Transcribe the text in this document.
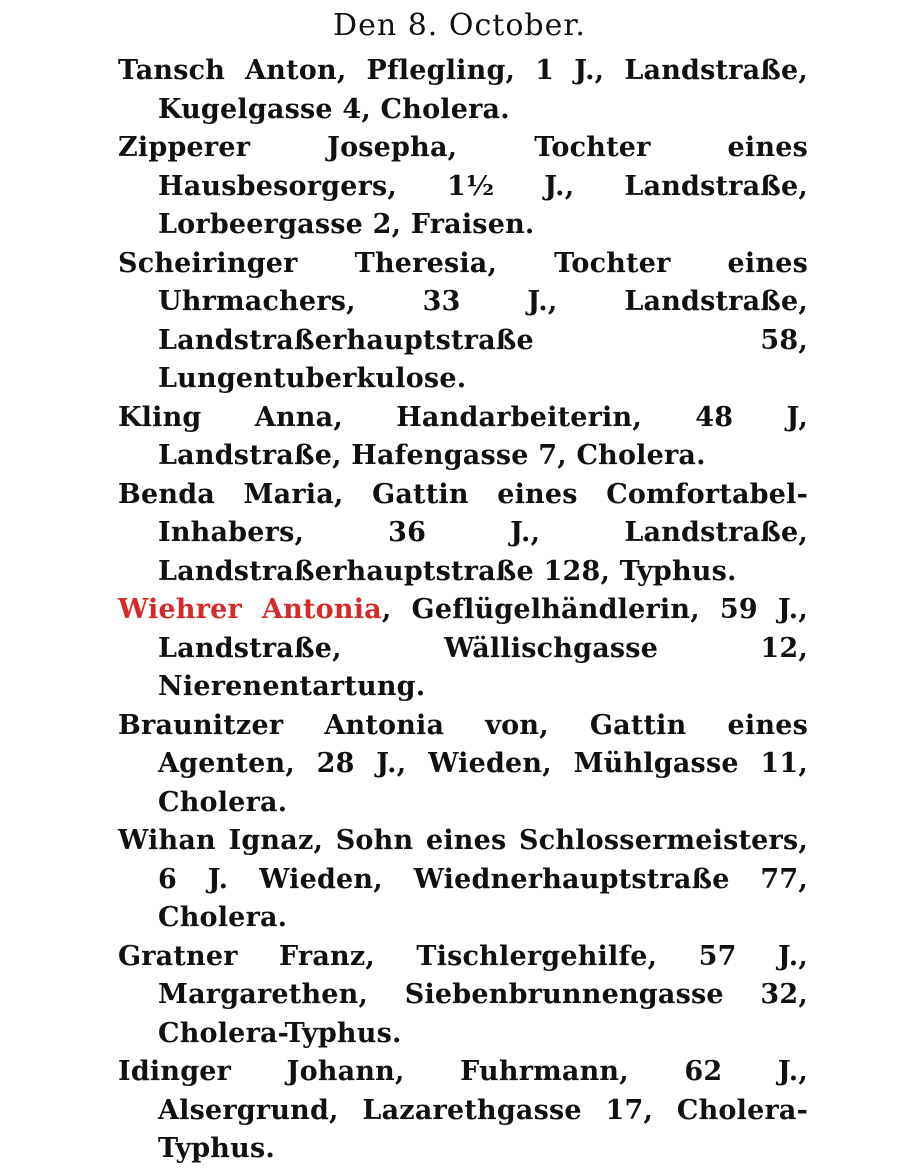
Den 8. October.

Tansch Anton, Pflegling, 1 J., Landstraße, Kugelgasse 4, Cholera.

Zipperer Josepha, Tochter eines Hausbesorgers, 1½ J., Landstraße, Lorbeergasse 2, Fraisen.

Scheiringer Theresia, Tochter eines Uhrmachers, 33 J., Landstraße, Landstraßerhauptstraße 58, Lungentuberkulose.

Kling Anna, Handarbeiterin, 48 J, Landstraße, Hafengasse 7, Cholera.

Benda Maria, Gattin eines Comfortabel-Inhabers, 36 J., Landstraße, Landstraßerhauptstraße 128, Typhus.

Wiehrer Antonia, Geflügelhändlerin, 59 J., Landstraße, Wällischgasse 12, Nierenentartung.

Braunitzer Antonia von, Gattin eines Agenten, 28 J., Wieden, Mühlgasse 11, Cholera.

Wihan Ignaz, Sohn eines Schlossermeisters, 6 J. Wieden, Wiednerhauptstraße 77, Cholera.

Gratner Franz, Tischlergehilfe, 57 J., Margarethen, Siebenbrunnengasse 32, Cholera-Typhus.

Idinger Johann, Fuhrmann, 62 J., Alsergrund, Lazarethgasse 17, Cholera-Typhus.
